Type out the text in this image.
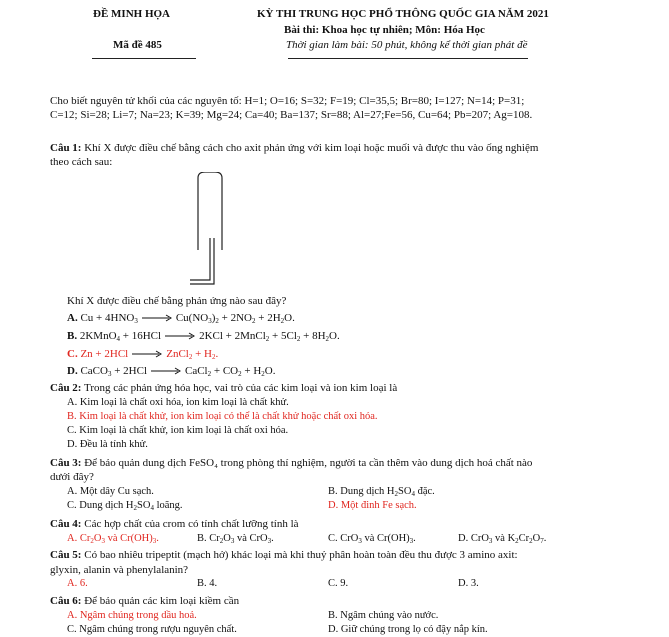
ĐỀ MINH HỌA
Mã đề 485
KỲ THI TRUNG HỌC PHỔ THÔNG QUỐC GIA NĂM 2021
Bài thi: Khoa học tự nhiên; Môn: Hóa Học
Thời gian làm bài: 50 phút, không kể thời gian phát đề
Cho biết nguyên tử khối của các nguyên tố: H=1; O=16; S=32; F=19; Cl=35,5; Br=80; I=127; N=14; P=31;
C=12; Si=28; Li=7; Na=23; K=39; Mg=24; Ca=40; Ba=137; Sr=88; Al=27;Fe=56, Cu=64; Pb=207; Ag=108.
Câu 1: Khí X được điều chế bằng cách cho axit phản ứng với kim loại hoặc muối và được thu vào ống nghiệm
theo cách sau:
Khí X được điều chế bằng phản ứng nào sau đây?
A. $Cu + 4HNO_3 \to Cu(NO_3)_2 + 2NO_2 + 2H_2O$.
B. 2KMnO$_4$ + 16HCl → 2KCl + 2MnCl$_2$ + $5Cl_2 + 8H_2O$.
C. Zn + 2HCl → ZnCl$_2$ + $H_2$.
D. CaCO$_3$ + 2HCl → CaCl$_2$ + $CO_2 + H_2O$.
Câu 2: Trong các phản ứng hóa học, vai trò của các kim loại và ion kim loại là
A. Kim loại là chất oxi hóa, ion kim loại là chất khử.
B. Kim loại là chất khử, ion kim loại có thể là chất khử hoặc chất oxi hóa.
C. Kim loại là chất khử, ion kim loại là chất oxi hóa.
D. Đều là tính khử.
Câu 3: Để bảo quản dung dịch FeSO₄ trong phòng thí nghiệm, người ta cần thêm vào dung dịch hoá chất nào
dưới đây?
A. Một dây Cu sạch.	B. Dung dịch $H_2SO_4$ đặc.
C. Dung dịch $H_2SO_4$ loãng.	D. Một đinh Fe sạch.
Câu 4: Các hợp chất của crom có tính chất lưỡng tính là
A. $Cr_2O_3$ và $Cr(OH)_3$.	B. $Cr_2O_3$ và CrO$_3$.	C. CrO$_3$ và $Cr(OH)_3$.	D. CrO$_3$ và $K_2Cr_2O_7$.
Câu 5: Có bao nhiêu tripeptit (mạch hở) khác loại mà khi thuỷ phân hoàn toàn đều thu được 3 amino axit:
glyxin, alanin và phenylalanin?
A. 6.	B. 4.	C. 9.	D. 3.
Câu 6: Để bảo quản các kim loại kiềm cần
A. Ngâm chúng trong dầu hoả.	B. Ngâm chúng vào nước.
C. Ngâm chúng trong rượu nguyên chất.	D. Giữ chúng trong lọ có đậy nắp kín.
